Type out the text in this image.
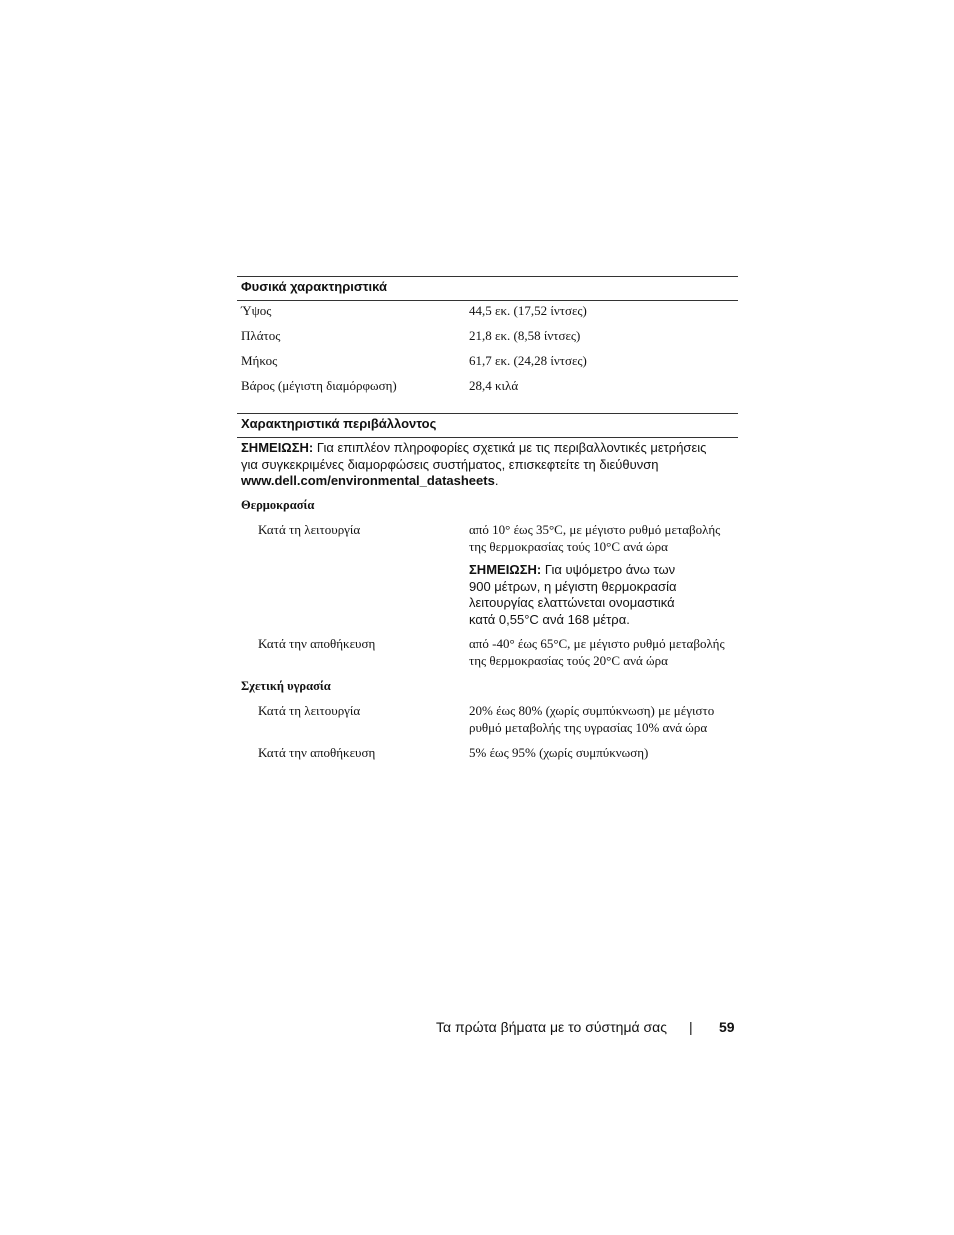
Φυσικά χαρακτηριστικά
Ύψος	44,5 εκ. (17,52 ίντσες)
Πλάτος	21,8 εκ. (8,58 ίντσες)
Μήκος	61,7 εκ. (24,28 ίντσες)
Βάρος (μέγιστη διαμόρφωση)	28,4 κιλά
Χαρακτηριστικά περιβάλλοντος
ΣΗΜΕΙΩΣΗ: Για επιπλέον πληροφορίες σχετικά με τις περιβαλλοντικές μετρήσεις
για συγκεκριμένες διαμορφώσεις συστήματος, επισκεφτείτε τη διεύθυνση
www.dell.com/environmental_datasheets.
Θερμοκρασία
Κατά τη λειτουργία	από 10° έως 35°C, με μέγιστο ρυθμό μεταβολής
της θερμοκρασίας τούς 10°C ανά ώρα
ΣΗΜΕΙΩΣΗ: Για υψόμετρο άνω των
900 μέτρων, η μέγιστη θερμοκρασία
λειτουργίας ελαττώνεται ονομαστικά
κατά 0,55°C ανά 168 μέτρα.
Κατά την αποθήκευση	από -40° έως 65°C, με μέγιστο ρυθμό μεταβολής
της θερμοκρασίας τούς 20°C ανά ώρα
Σχετική υγρασία
Κατά τη λειτουργία	20% έως 80% (χωρίς συμπύκνωση) με μέγιστο
ρυθμό μεταβολής της υγρασίας 10% ανά ώρα
Κατά την αποθήκευση	5% έως 95% (χωρίς συμπύκνωση)
Τα πρώτα βήματα με το σύστημά σας | 59
